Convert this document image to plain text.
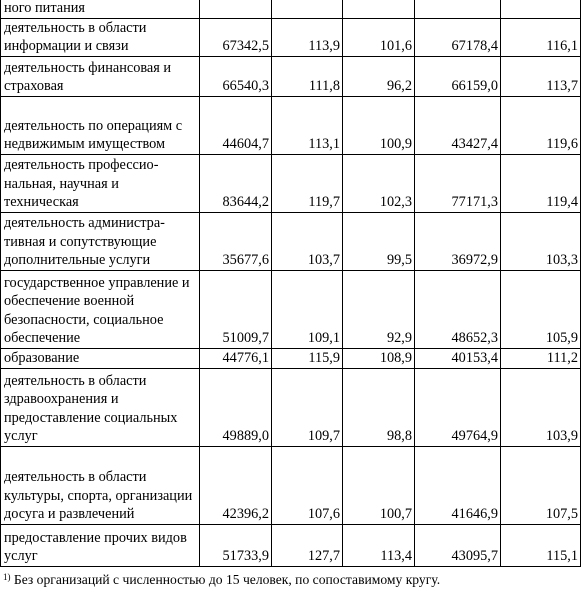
ного питания					
деятельность в области информации и связи	67342,5	113,9	101,6	67178,4	116,1
деятельность финансовая и страховая	66540,3	111,8	96,2	66159,0	113,7
деятельность по операциям с недвижимым имуществом	44604,7	113,1	100,9	43427,4	119,6
деятельность профессиональная, научная и техническая	83644,2	119,7	102,3	77171,3	119,4
деятельность административная и сопутствующие дополнительные услуги	35677,6	103,7	99,5	36972,9	103,3
государственное управление и обеспечение военной безопасности, социальное обеспечение	51009,7	109,1	92,9	48652,3	105,9
образование	44776,1	115,9	108,9	40153,4	111,2
деятельность в области здравоохранения и предоставление социальных услуг	49889,0	109,7	98,8	49764,9	103,9
деятельность в области культуры, спорта, организации досуга и развлечений	42396,2	107,6	100,7	41646,9	107,5
предоставление прочих видов услуг	51733,9	127,7	113,4	43095,7	115,1
$^{1)}$ Без организаций с численностью до 15 человек, по сопоставимому кругу.
